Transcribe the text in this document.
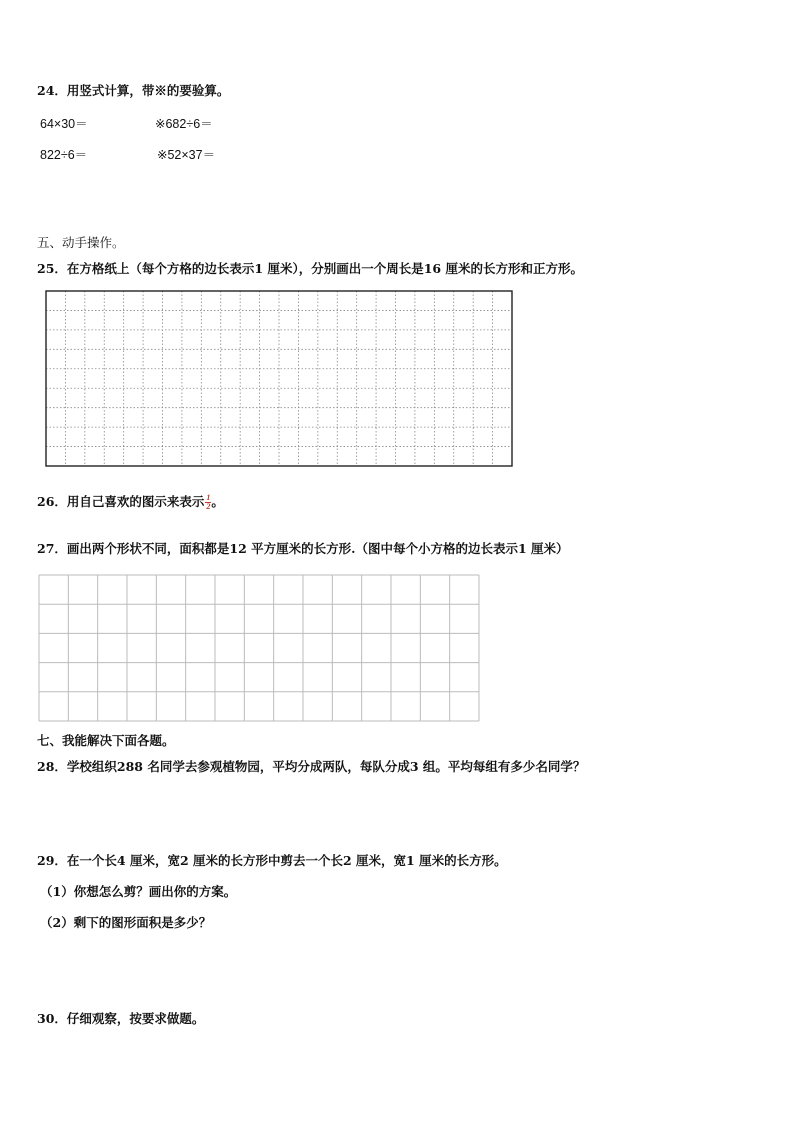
24．用竖式计算，带※的要验算。
64×30＝	※682÷6＝
822÷6＝	※52×37＝
五、动手操作。
25．在方格纸上（每个方格的边长表示1 厘米），分别画出一个周长是16 厘米的长方形和正方形。
26．用自己喜欢的图示来表示 $\frac{1}{2}$ 。
27．画出两个形状不同，面积都是12 平方厘米的长方形.（图中每个小方格的边长表示1 厘米）
七、我能解决下面各题。
28．学校组织288 名同学去参观植物园，平均分成两队，每队分成3 组。平均每组有多少名同学？
29．在一个长4 厘米，宽2 厘米的长方形中剪去一个长2 厘米，宽1 厘米的长方形。
（1）你想怎么剪？画出你的方案。
（2）剩下的图形面积是多少？
30．仔细观察，按要求做题。
